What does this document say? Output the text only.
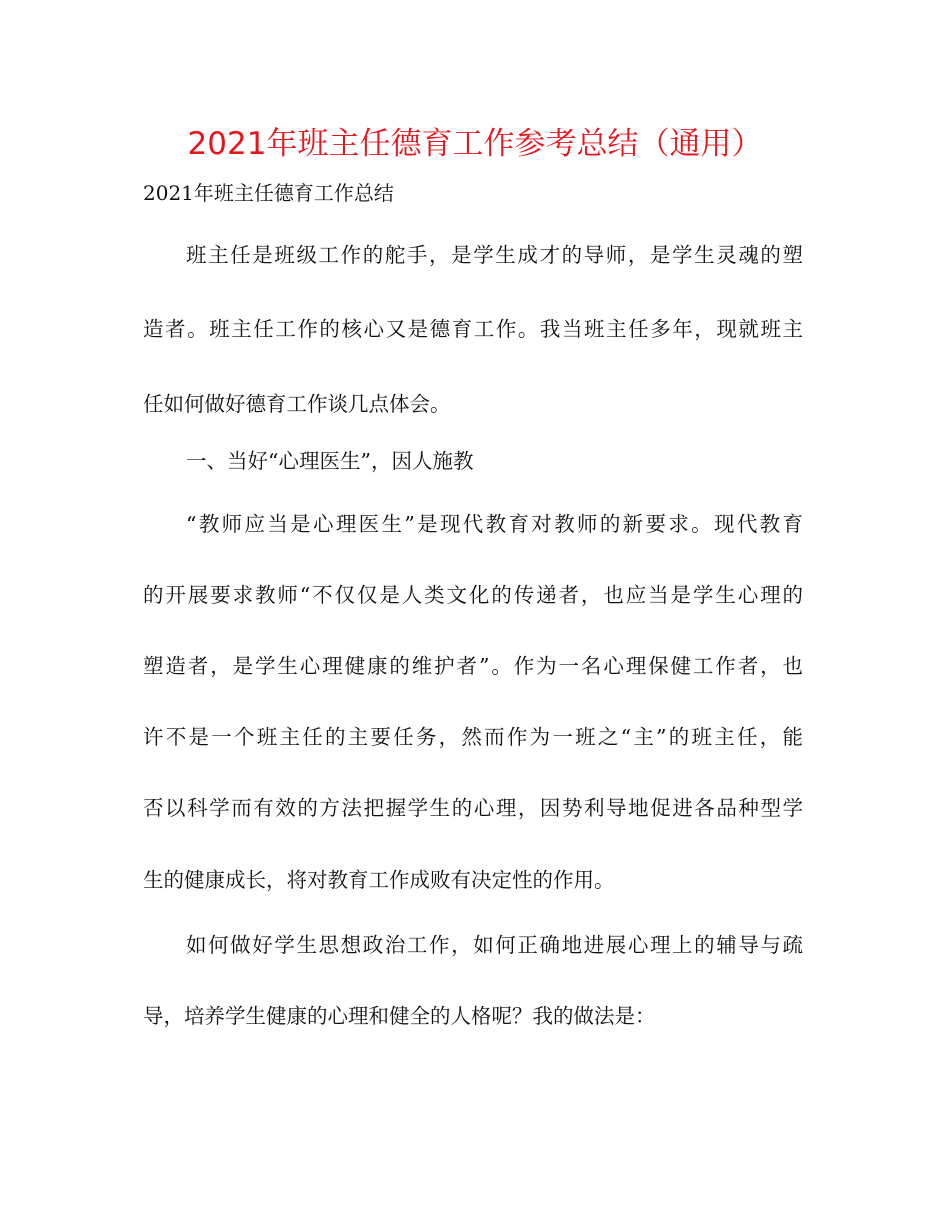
2021年班主任德育工作参考总结（通用）
2021年班主任德育工作总结
班主任是班级工作的舵手，是学生成才的导师，是学生灵魂的塑
造者。班主任工作的核心又是德育工作。我当班主任多年，现就班主
任如何做好德育工作谈几点体会。
一、当好“心理医生”，因人施教
“教师应当是心理医生”是现代教育对教师的新要求。现代教育
的开展要求教师“不仅仅是人类文化的传递者，也应当是学生心理的
塑造者，是学生心理健康的维护者”。作为一名心理保健工作者，也
许不是一个班主任的主要任务，然而作为一班之“主”的班主任，能
否以科学而有效的方法把握学生的心理，因势利导地促进各品种型学
生的健康成长，将对教育工作成败有决定性的作用。
如何做好学生思想政治工作，如何正确地进展心理上的辅导与疏
导，培养学生健康的心理和健全的人格呢？我的做法是：
